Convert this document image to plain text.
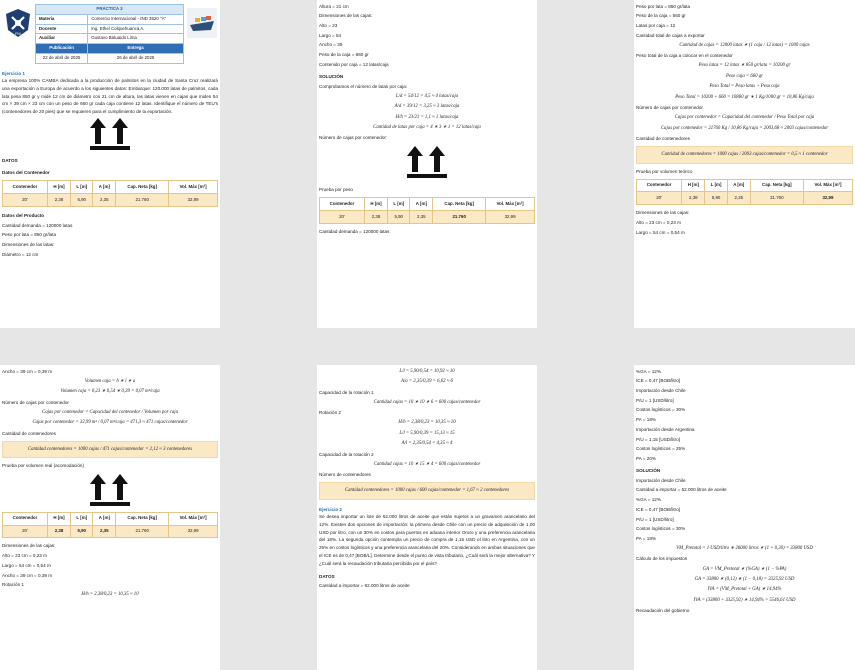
FNI
PRÁCTICA 3	
Materia	Comercio Internacional - IND 3520 "A"
Docente	Ing. Ethel Colquehuanca A.
Auxiliar	Gustavo Batuaido Lima
Publicación	Entrega
22 de abril de 2025	26 de abril de 2025

Ejercicio 1

La empresa 100% CAMBA dedicada a la producción de palmitos en la ciudad de Santa Cruz realizará una exportación a Europa de acuerdo a los siguientes datos: Embarque: 120.000 latas de palmitos, cada lata pesa 850 gr y mide 12 cm de diámetro con 21 cm de altura, las latas vienen en cajas que miden 54 cm × 39 cm × 23 cm con un peso de 660 gr cada caja contiene 12 latas. Identifique el número de TEU's (contenedores de 20 pies) que se requieren para el cumplimiento de la exportación.

DATOS

Datos del Contenedor

Contenedor	H [m]	L [m]	A [m]	Cap. Neta [kg]	Vol. Máx [m³]
20'	2,38	5,90	2,35	21.760	32,99

Datos del Producto

Cantidad demanda = 120000 latas

Peso por lata = 850 gr/lata

Dimensiones de las latas:

Diámetro = 12 cm

Altura = 21 cm

Dimensiones de las cajas:

Alto = 23

Largo = 54

Ancho = 39

Peso de la caja = 660 gr

Contenido por caja = 12 latas/caja

SOLUCIÓN

Comprobamos el número de latas por caja:

L/d = 54/12 = 4,5 ≈ 4 latas/caja

A/d = 39/12 = 3,25 ≈ 3 latas/caja

H/h = 23/21 = 1,1 ≈ 1 latas/caja

Cantidad de latas por caja = 4 ∗ 3 ∗ 1 = 12 latas/caja

Número de cajas por contenedor:

Prueba por peso

Contenedor	H [m]	L [m]	A [m]	Cap. Neta [kg]	Vol. Máx [m³]
20'	2,38	5,90	2,35	21.760	32,99

Cantidad demanda = 120000 latas

Peso por lata = 850 gr/lata

Peso de la caja = 660 gr

Latas por caja = 12

Cantidad total de cajas a exportar

Cantidad de cajas = 12000 latas ∗ (1 caja / 12 latas) = 1000 cajas

Peso total de la caja a colocar en el contenedor

Peso latas = 12 latas ∗ 850 gr/lata = 10200 gr

Peso caja = 660 gr

Peso Total = Peso latas + Peso caja

Peso Total = 10200 + 660 = 10860 gr ∗ 1 Kg/1000 gr = 10,86 Kg/caja

Número de cajas por contenedor

Cajas por contenedor = Capacidad del contenedor / Peso Total por caja

Cajas por contenedor = 21760 Kg / 10,86 Kg/caja = 2003,68 ≈ 2003 cajas/contenedor

Cantidad de contenedores

Cantidad de contenedores = 1000 cajas / 2003 cajas/contenedor = 0,5 ≈ 1 contenedor

Prueba por volumen teórico

Contenedor	H [m]	L [m]	A [m]	Cap. Neta [kg]	Vol. Máx [m³]
20'	2,38	5,90	2,35	21.760	32,99

Dimensiones de las cajas:

Alto = 23 cm = 0,23 m

Largo = 54 cm = 0,54 m

Ancho = 39 cm = 0,39 m

Volumen caja = h ∗ l ∗ a

Volumen caja = 0,23 ∗ 0,54 ∗ 0,39 = 0,07 m³/caja

Número de cajas por contenedor

Cajas por contenedor = Capacidad del contenedor / Volumen por caja

Cajas por contenedor = 32,99 m³ / 0,07 m³/caja = 471,3 ≈ 471 cajas/contenedor

Cantidad de contenedores

Cantidad contenedores = 1000 cajas / 471 cajas/contenedor = 2,12 ≈ 3 contenedores

Prueba por volumen real (acomodación)

Contenedor	H [m]	L [m]	A [m]	Cap. Neta [kg]	Vol. Máx [m³]
20'	2,38	5,90	2,35	21.760	32,99

Dimensiones de las cajas:

Alto = 23 cm = 0,23 m

Largo = 54 cm = 0,54 m

Ancho = 39 cm = 0,39 m

Rotación 1

H/h = 2,38/0,23 = 10,35 ≈ 10

L/l = 5,90/0,54 = 10,92 ≈ 10

A/a = 2,35/0,39 = 6,02 ≈ 6

Capacidad de la rotación 1

Cantidad cajas = 10 ∗ 10 ∗ 6 = 600 cajas/contenedor

Rotación 2

H/h = 2,38/0,23 = 10,35 ≈ 10

L/l = 5,90/0,39 = 15,13 ≈ 15

A/l = 2,35/0,54 = 4,35 ≈ 4

Capacidad de la rotación 2

Cantidad cajas = 10 ∗ 15 ∗ 4 = 600 cajas/contenedor

Número de contenedores

Cantidad contenedores = 1000 cajas / 600 cajas/contenedor = 1,67 ≈ 2 contenedores

Ejercicio 2

Se desea importar un lote de 62.000 litros de aceite que están sujetos a un gravamen arancelario del 12%. Existen dos opciones de importación: la primera desde Chile con un precio de adquisición de 1,00 USD por litro, con un 30% en costos para puertos en aduana interior Oruro y una preferencia arancelaria del 18%. La segunda opción contempla un precio de compra de 1,15 USD el litro en Argentina, con un 25% en costos logísticos y una preferencia arancelaria del 20%. Considerando en ambas situaciones que el ICE es de 0,47 [BOB/L]. Determine desde el punto de vista tributario, ¿Cuál será la mejor alternativa? Y ¿Cuál será la recaudación tributaria percibida por el país?

DATOS

Cantidad a importar = 62.000 litros de aceite

%GA = 12%

ICE = 0,47 [BOB/litro]

Importación desde Chile

P/U = 1 [USD/litro]

Costos logísticos = 30%

PA = 18%

Importación desde Argentina

P/U = 1,15 [USD/litro]

Costos logísticos = 25%

PA = 20%

SOLUCIÓN

Importación desde Chile

Cantidad a importar = 62.000 litros de aceite

%GA = 12%

ICE = 0,47 [BOB/litro]

P/U = 1 [USD/litro]

Costos logísticos = 30%

PA = 18%

VM_Pretotal = 1 USD/litro ∗ 26000 litros ∗ (1 + 0,30) = 33800 USD

Cálculo de los impuestos

GA = VM_Pretotal ∗ (%GA) ∗ (1 − %PA)

GA = 33800 ∗ (0,12) ∗ (1 − 0,18) = 3325,92 USD

IVA = (VM_Pretotal + GA) ∗ 14,94%

IVA = (33800 + 3325,92) ∗ 14,94% = 5546,61 USD

Recaudación del gobierno
